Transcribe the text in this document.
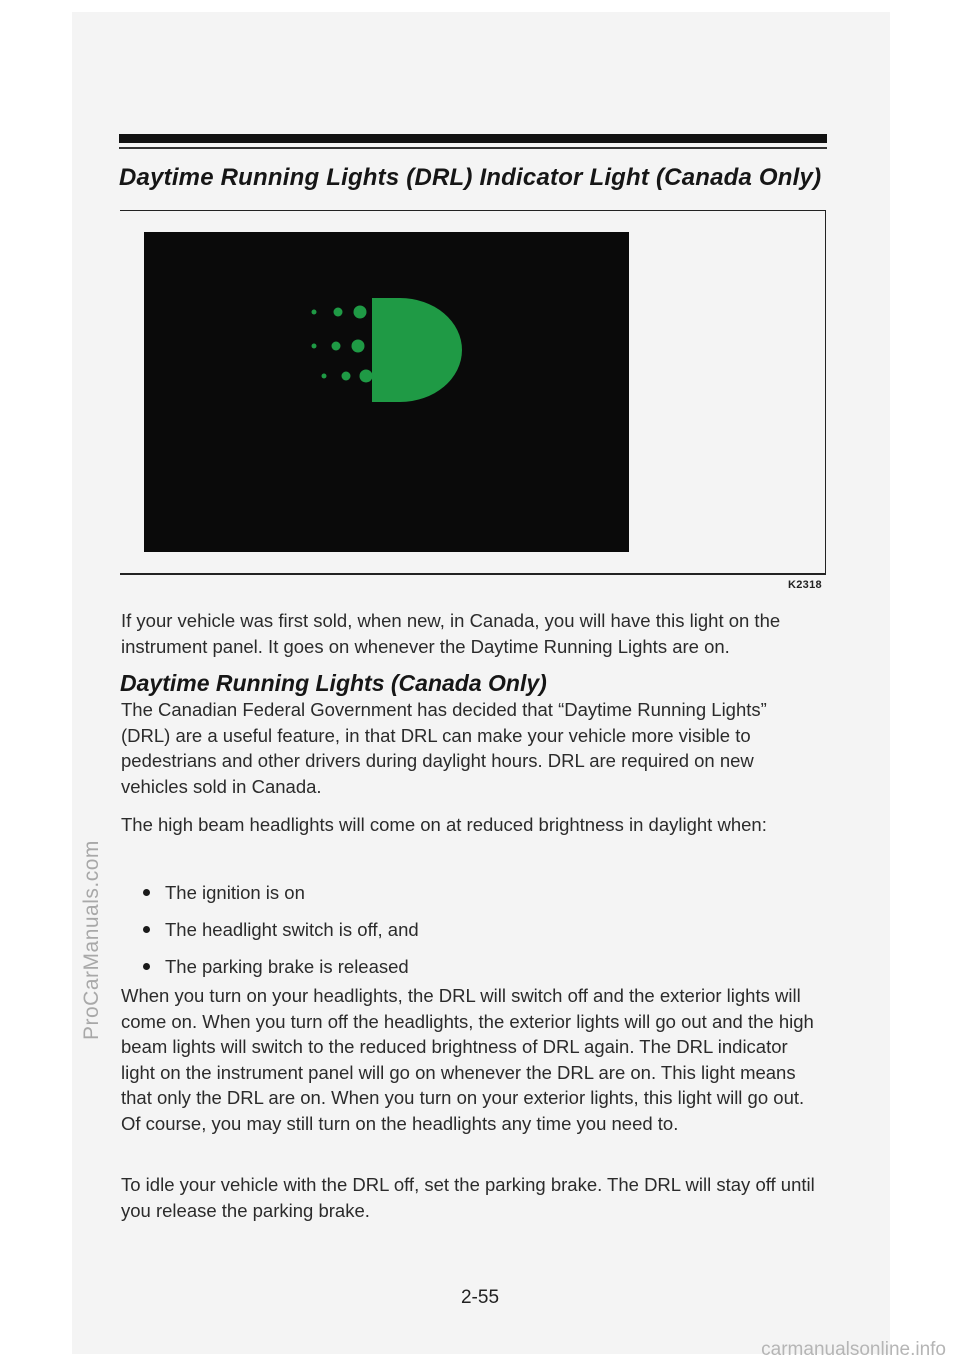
Daytime Running Lights (DRL) Indicator Light (Canada Only)
K2318
If your vehicle was first sold, when new, in Canada, you will have this light on the instrument panel. It goes on whenever the Daytime Running Lights are on.
Daytime Running Lights (Canada Only)
The Canadian Federal Government has decided that “Daytime Running Lights” (DRL) are a useful feature, in that DRL can make your vehicle more visible to pedestrians and other drivers during daylight hours. DRL are required on new vehicles sold in Canada.
The high beam headlights will come on at reduced brightness in daylight when:
The ignition is on
The headlight switch is off, and
The parking brake is released
When you turn on your headlights, the DRL will switch off and the exterior lights will come on. When you turn off the headlights, the exterior lights will go out and the high beam lights will switch to the reduced brightness of DRL again. The DRL indicator light on the instrument panel will go on whenever the DRL are on. This light means that only the DRL are on. When you turn on your exterior lights, this light will go out. Of course, you may still turn on the headlights any time you need to.
To idle your vehicle with the DRL off, set the parking brake. The DRL will stay off until you release the parking brake.
2-55
carmanualsonline.info
